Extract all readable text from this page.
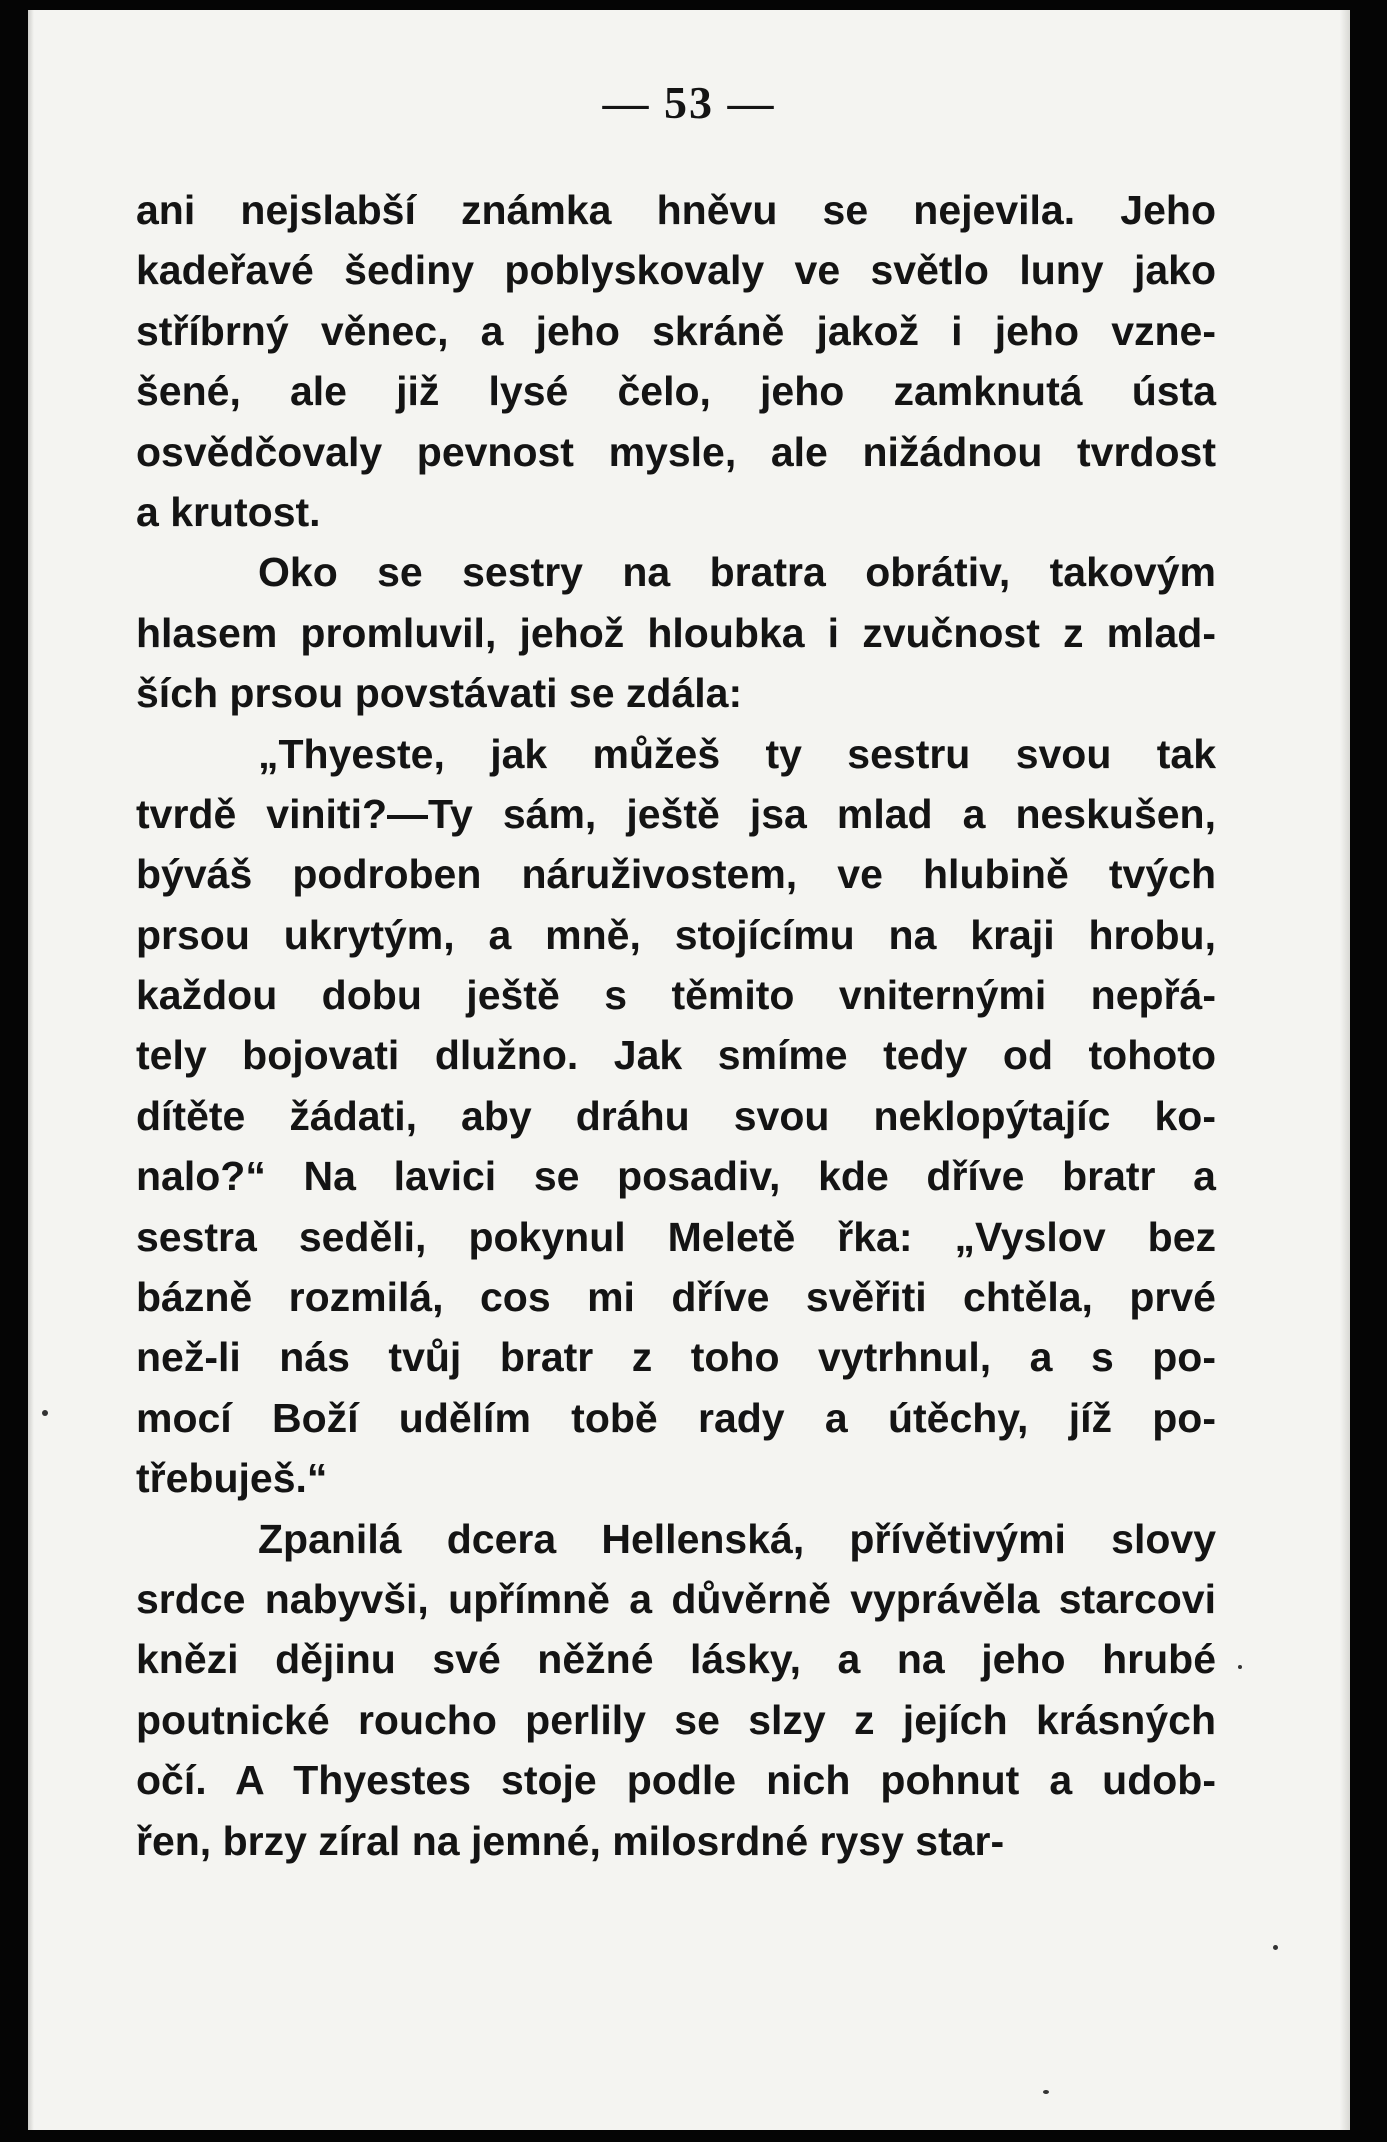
— 53 —
ani nejslabší známka hněvu se nejevila. Jeho
kadeřavé šediny poblyskovaly ve světlo luny jako
stříbrný věnec, a jeho skráně jakož i jeho vzne-
šené, ale již lysé čelo, jeho zamknutá ústa
osvědčovaly pevnost mysle, ale nižádnou tvrdost
a krutost.
Oko se sestry na bratra obrátiv, takovým
hlasem promluvil, jehož hloubka i zvučnost z mlad-
ších prsou povstávati se zdála:
„Thyeste, jak můžeš ty sestru svou tak
tvrdě viniti?—Ty sám, ještě jsa mlad a neskušen,
býváš podroben náruživostem, ve hlubině tvých
prsou ukrytým, a mně, stojícímu na kraji hrobu,
každou dobu ještě s těmito vniternými nepřá-
tely bojovati dlužno. Jak smíme tedy od tohoto
dítěte žádati, aby dráhu svou neklopýtajíc ko-
nalo?“ Na lavici se posadiv, kde dříve bratr a
sestra seděli, pokynul Meletě řka: „Vyslov bez
bázně rozmilá, cos mi dříve svěřiti chtěla, prvé
než-li nás tvůj bratr z toho vytrhnul, a s po-
mocí Boží udělím tobě rady a útěchy, jíž po-
třebuješ.“
Zpanilá dcera Hellenská, přívětivými slovy
srdce nabyvši, upřímně a důvěrně vyprávěla starcovi
knězi dějinu své něžné lásky, a na jeho hrubé
poutnické roucho perlily se slzy z jejích krásných
očí. A Thyestes stoje podle nich pohnut a udob-
řen, brzy zíral na jemné, milosrdné rysy star-
